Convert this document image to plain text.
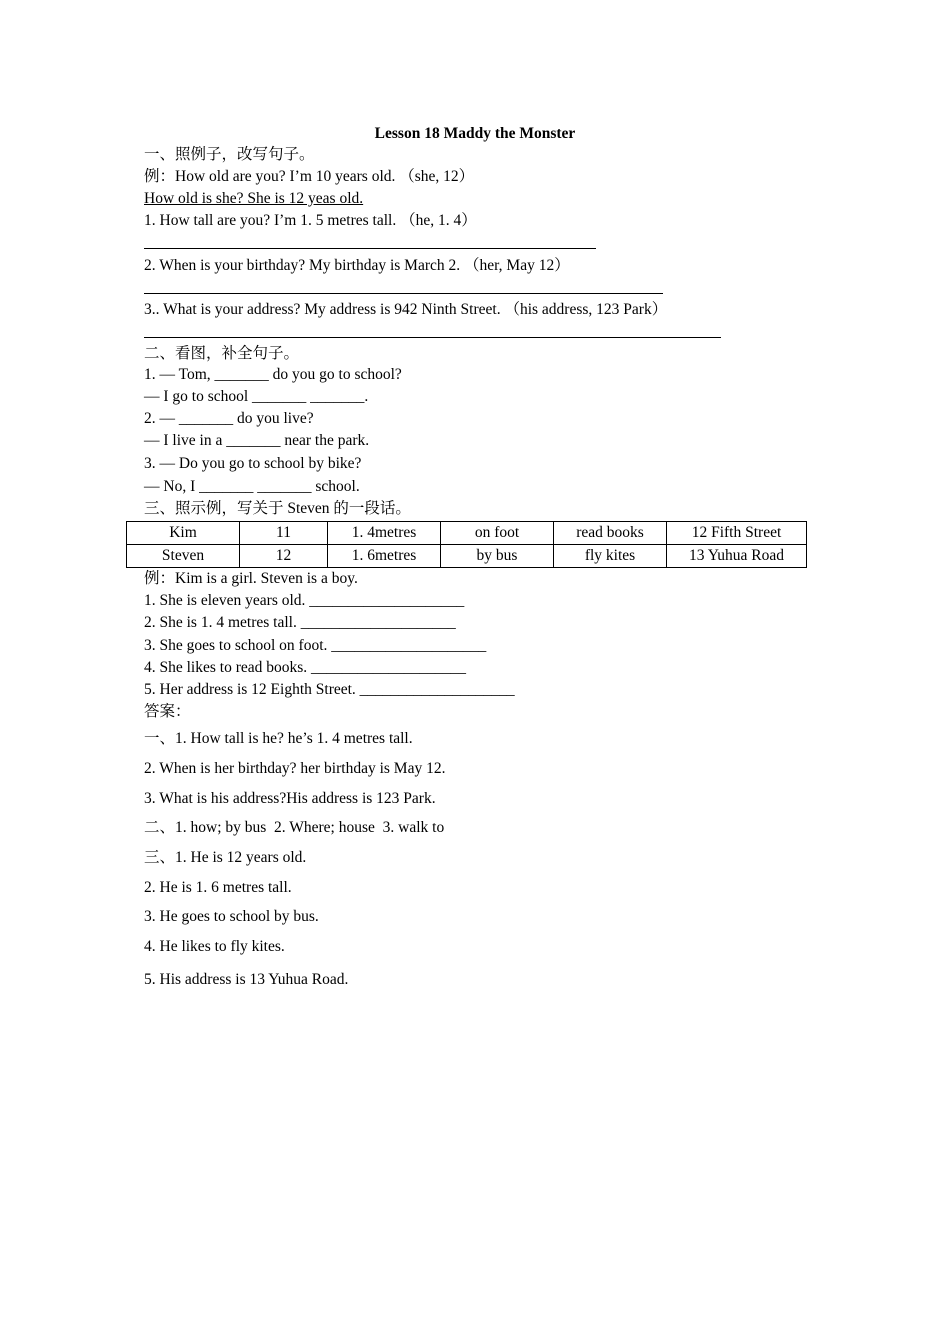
Lesson 18 Maddy the Monster
一、照例子，改写句子。
例：How old are you? I’m 10 years old. （she, 12）
How old is she? She is 12 yeas old.
1. How tall are you? I’m 1. 5 metres tall. （he, 1. 4）
2. When is your birthday? My birthday is March 2. （her, May 12）
3.. What is your address? My address is 942 Ninth Street. （his address, 123 Park）
二、看图，补全句子。
1. — Tom, _______ do you go to school?
— I go to school _______ _______.
2. — _______ do you live?
— I live in a _______ near the park.
3. — Do you go to school by bike?
— No, I _______ _______ school.
三、照示例，写关于 Steven 的一段话。
Kim	11	1. 4metres	on foot	read books	12 Fifth Street
Steven	12	1. 6metres	by bus	fly kites	13 Yuhua Road
例：Kim is a girl. Steven is a boy.
1. She is eleven years old. ____________________
2. She is 1. 4 metres tall. ____________________
3. She goes to school on foot. ____________________
4. She likes to read books. ____________________
5. Her address is 12 Eighth Street. ____________________
答案：
一、1. How tall is he? he’s 1. 4 metres tall.
2. When is her birthday? her birthday is May 12.
3. What is his address?His address is 123 Park.
二、1. how; by bus  2. Where; house  3. walk to
三、1. He is 12 years old.
2. He is 1. 6 metres tall.
3. He goes to school by bus.
4. He likes to fly kites.
5. His address is 13 Yuhua Road.
